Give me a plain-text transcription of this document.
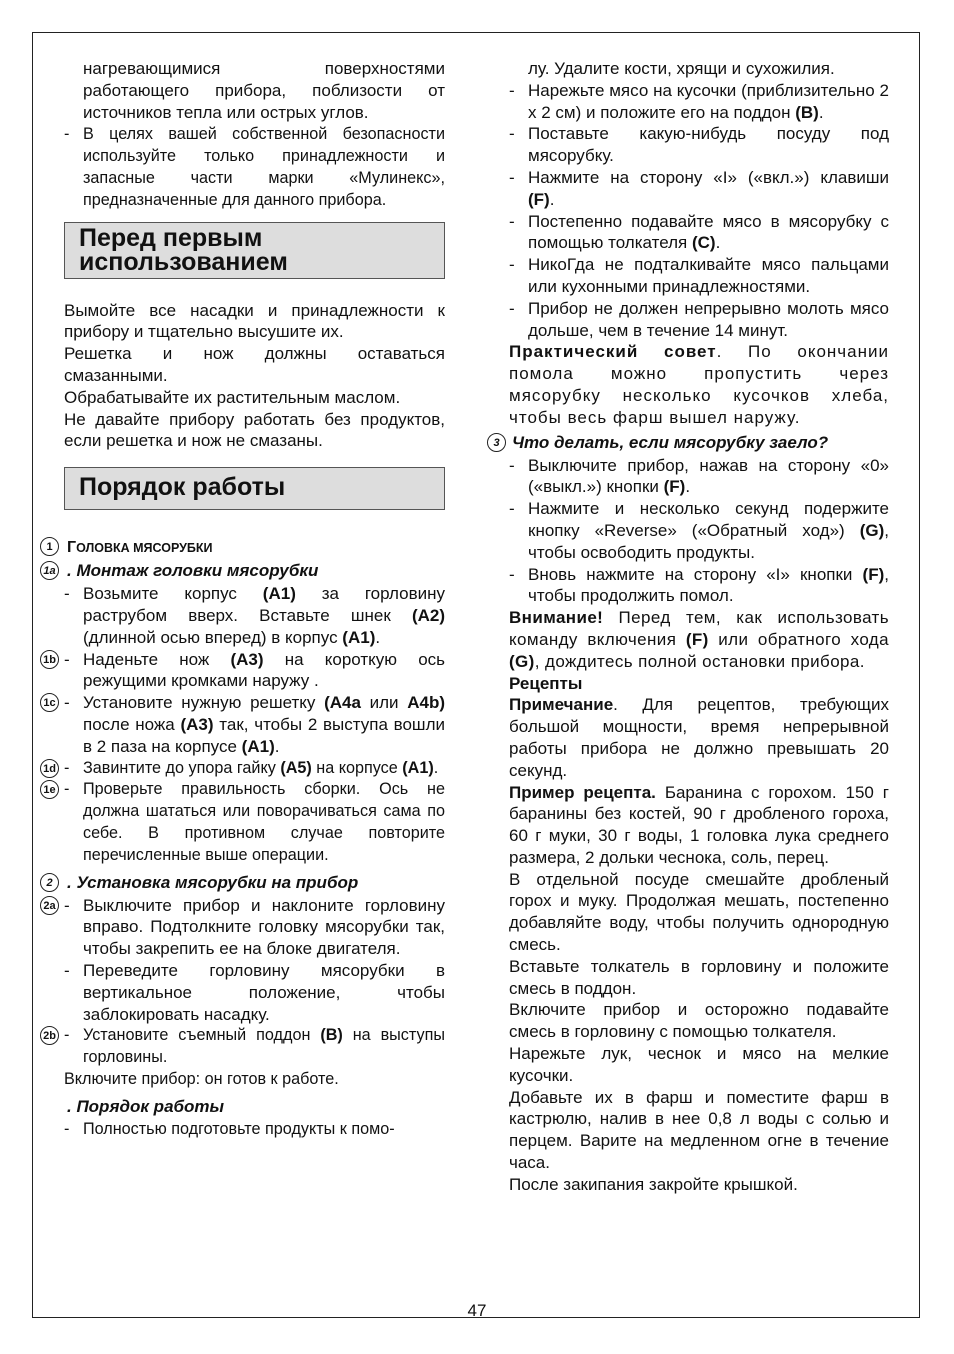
нагревающимися поверхностями работающего прибора, поблизости от источников тепла или острых углов.
- В целях вашей собственной безопасности используйте только принадлежности и запасные части марки «Мулинекс», предназначенные для данного прибора.
Перед первым
использованием
Вымойте все насадки и принадлежности к прибору и тщательно высушите их.
Решетка и нож должны оставаться смазанными.
Обрабатывайте их растительным маслом.
Не давайте прибору работать без продуктов, если решетка и нож не смазаны.
Порядок работы
1 ГОЛОВКА МЯСОРУБКИ
1a . Монтаж головки мясорубки
- Возьмите корпус (A1) за горловину раструбом вверх. Вставьте шнек (A2) (длинной осью вперед) в корпус (A1).
1b - Наденьте нож (A3) на короткую ось режущими кромками наружу .
1c - Установите нужную решетку (A4a или A4b) после ножа (A3) так, чтобы 2 выступа вошли в 2 паза на корпусе (A1).
1d - Завинтите до упора гайку (A5) на корпусе (A1).
1e - Проверьте правильность сборки. Ось не должна шататься или поворачиваться сама по себе. В противном случае повторите перечисленные выше операции.
2 . Установка мясорубки на прибор
2a - Выключите прибор и наклоните горловину вправо. Подтолкните головку мясорубки так, чтобы закрепить ее на блоке двигателя.
- Переведите горловину мясорубки в вертикальное положение, чтобы заблокировать насадку.
2b - Установите съемный поддон (B) на выступы горловины.
Включите прибор: он готов к работе.
. Порядок работы
- Полностью подготовьте продукты к помо-
лу. Удалите кости, хрящи и сухожилия.
- Нарежьте мясо на кусочки (приблизительно 2 x 2 см) и положите его на поддон (B).
- Поставьте какую-нибудь посуду под мясорубку.
- Нажмите на сторону «I» («вкл.») клавиши (F).
- Постепенно подавайте мясо в мясорубку с помощью толкателя (C).
- НикоГда не подталкивайте мясо пальцами или кухонными принадлежностями.
- Прибор не должен непрерывно молоть мясо дольше, чем в течение 14 минут.
Практический совет. По окончании помола можно пропустить через мясорубку несколько кусочков хлеба, чтобы весь фарш вышел наружу.
3 Что делать, если мясорубку заело?
- Выключите прибор, нажав на сторону «0» («выкл.») кнопки (F).
- Нажмите и несколько секунд подержите кнопку «Reverse» («Обратный ход») (G), чтобы освободить продукты.
- Вновь нажмите на сторону «I» кнопки (F), чтобы продолжить помол.
Внимание! Перед тем, как использовать команду включения (F) или обратного хода (G), дождитесь полной остановки прибора.
Рецепты
Примечание. Для рецептов, требующих большой мощности, время непрерывной работы прибора не должно превышать 20 секунд.
Пример рецепта. Баранина с горохом. 150 г баранины без костей, 90 г дробленого гороха, 60 г муки, 30 г воды, 1 головка лука среднего размера, 2 дольки чеснока, соль, перец.
В отдельной посуде смешайте дробленый горох и муку. Продолжая мешать, постепенно добавляйте воду, чтобы получить однородную смесь.
Вставьте толкатель в горловину и положите смесь в поддон.
Включите прибор и осторожно подавайте смесь в горловину с помощью толкателя.
Нарежьте лук, чеснок и мясо на мелкие кусочки.
Добавьте их в фарш и поместите фарш в кастрюлю, налив в нее 0,8 л воды с солью и перцем. Варите на медленном огне в течение часа.
После закипания закройте крышкой.
47
